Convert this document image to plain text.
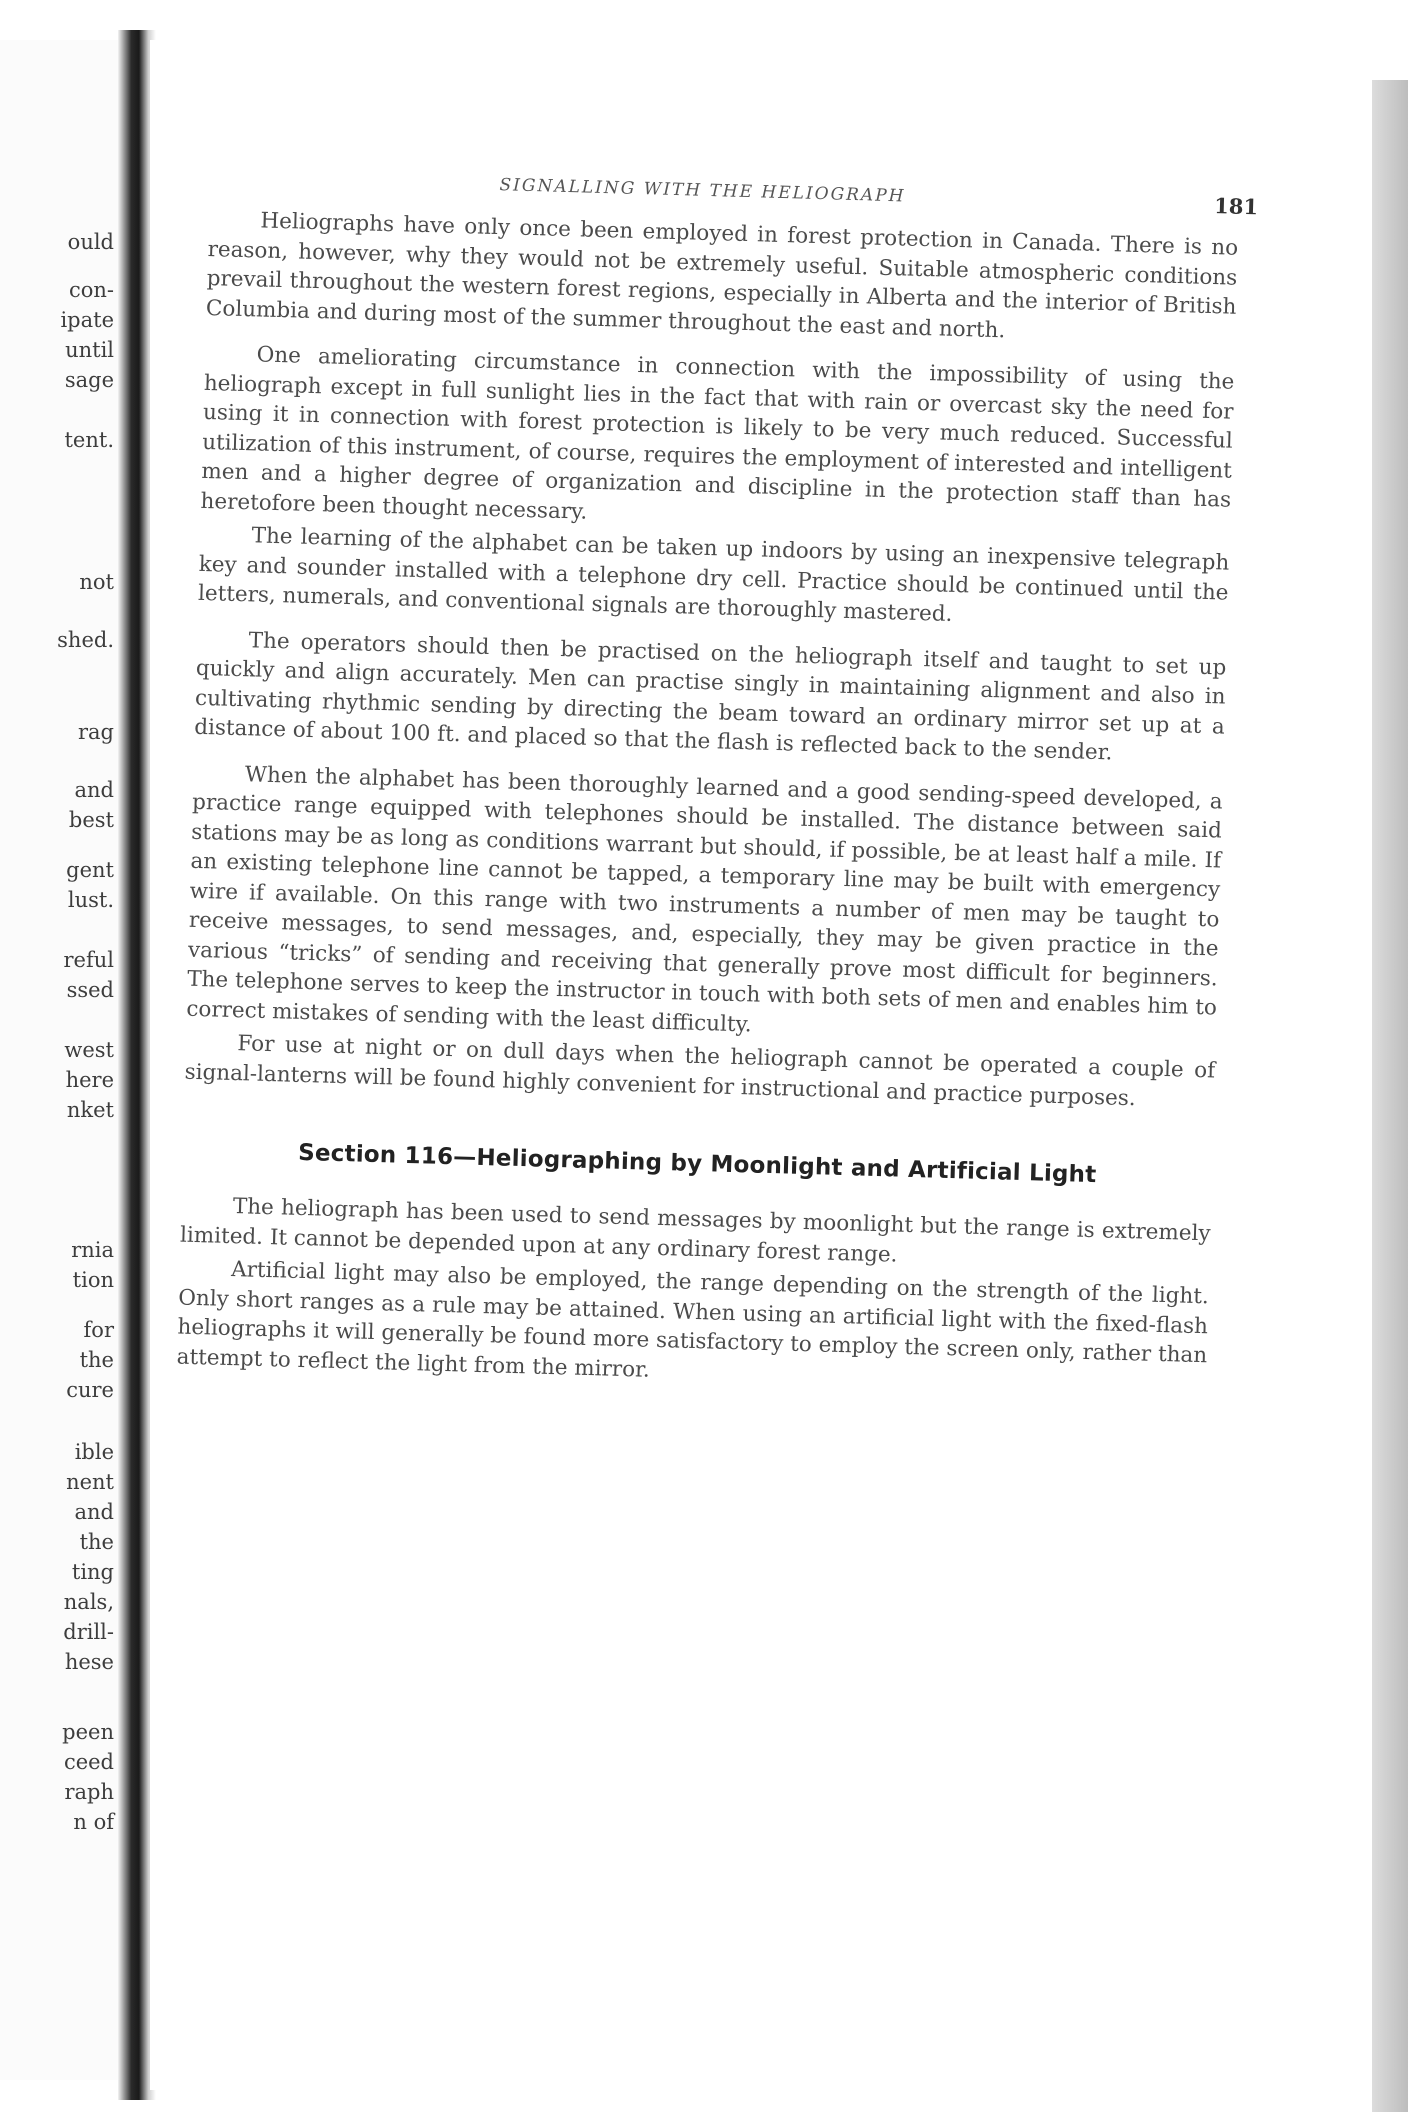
ould
con-
ipate
until
sage
tent.
not
shed.
rag
and
best
gent
lust.
reful
ssed
west
here
nket
rnia
tion
for
the
cure
ible
nent
and
the
ting
nals,
drill-
hese
peen
ceed
raph
n of
SIGNALLING WITH THE HELIOGRAPH	181

Heliographs have only once been employed in forest protection in Canada. There is no reason, however, why they would not be extremely useful. Suitable atmospheric conditions prevail throughout the western forest regions, especially in Alberta and the interior of British Columbia and during most of the summer throughout the east and north.

One ameliorating circumstance in connection with the impossibility of using the heliograph except in full sunlight lies in the fact that with rain or overcast sky the need for using it in connection with forest protection is likely to be very much reduced. Successful utilization of this instrument, of course, requires the employment of interested and intelligent men and a higher degree of organization and discipline in the protection staff than has heretofore been thought necessary.

The learning of the alphabet can be taken up indoors by using an inexpensive telegraph key and sounder installed with a telephone dry cell. Practice should be continued until the letters, numerals, and conventional signals are thoroughly mastered.

The operators should then be practised on the heliograph itself and taught to set up quickly and align accurately. Men can practise singly in maintaining alignment and also in cultivating rhythmic sending by directing the beam toward an ordinary mirror set up at a distance of about 100 ft. and placed so that the flash is reflected back to the sender.

When the alphabet has been thoroughly learned and a good sending-speed developed, a practice range equipped with telephones should be installed. The distance between said stations may be as long as conditions warrant but should, if possible, be at least half a mile. If an existing telephone line cannot be tapped, a temporary line may be built with emergency wire if available. On this range with two instruments a number of men may be taught to receive messages, to send messages, and, especially, they may be given practice in the various “tricks” of sending and receiving that generally prove most difficult for beginners. The telephone serves to keep the instructor in touch with both sets of men and enables him to correct mistakes of sending with the least difficulty.

For use at night or on dull days when the heliograph cannot be operated a couple of signal-lanterns will be found highly convenient for instructional and practice purposes.

Section 116—Heliographing by Moonlight and Artificial Light

The heliograph has been used to send messages by moonlight but the range is extremely limited. It cannot be depended upon at any ordinary forest range.

Artificial light may also be employed, the range depending on the strength of the light. Only short ranges as a rule may be attained. When using an artificial light with the fixed-flash heliographs it will generally be found more satisfactory to employ the screen only, rather than attempt to reflect the light from the mirror.
